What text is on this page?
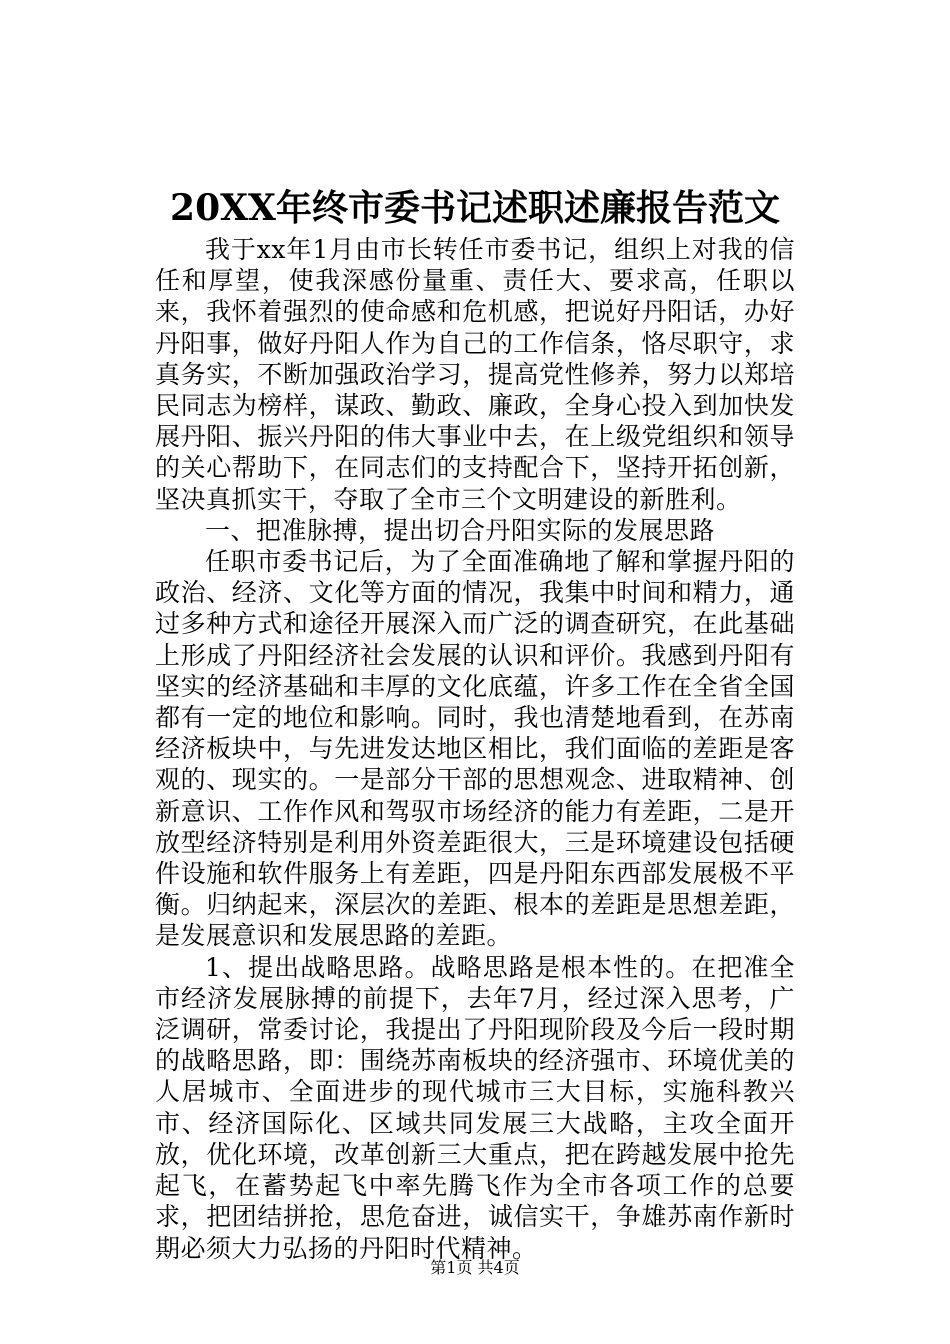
20XX年终市委书记述职述廉报告范文

我于xx年1月由市长转任市委书记，组织上对我的信任和厚望，使我深感份量重、责任大、要求高，任职以来，我怀着强烈的使命感和危机感，把说好丹阳话，办好丹阳事，做好丹阳人作为自己的工作信条，恪尽职守，求真务实，不断加强政治学习，提高党性修养，努力以郑培民同志为榜样，谋政、勤政、廉政，全身心投入到加快发展丹阳、振兴丹阳的伟大事业中去，在上级党组织和领导的关心帮助下，在同志们的支持配合下，坚持开拓创新，坚决真抓实干，夺取了全市三个文明建设的新胜利。

一、把准脉搏，提出切合丹阳实际的发展思路

任职市委书记后，为了全面准确地了解和掌握丹阳的政治、经济、文化等方面的情况，我集中时间和精力，通过多种方式和途径开展深入而广泛的调查研究，在此基础上形成了丹阳经济社会发展的认识和评价。我感到丹阳有坚实的经济基础和丰厚的文化底蕴，许多工作在全省全国都有一定的地位和影响。同时，我也清楚地看到，在苏南经济板块中，与先进发达地区相比，我们面临的差距是客观的、现实的。一是部分干部的思想观念、进取精神、创新意识、工作作风和驾驭市场经济的能力有差距，二是开放型经济特别是利用外资差距很大，三是环境建设包括硬件设施和软件服务上有差距，四是丹阳东西部发展极不平衡。归纳起来，深层次的差距、根本的差距是思想差距，是发展意识和发展思路的差距。

1、提出战略思路。战略思路是根本性的。在把准全市经济发展脉搏的前提下，去年7月，经过深入思考，广泛调研，常委讨论，我提出了丹阳现阶段及今后一段时期的战略思路，即：围绕苏南板块的经济强市、环境优美的人居城市、全面进步的现代城市三大目标，实施科教兴市、经济国际化、区域共同发展三大战略，主攻全面开放，优化环境，改革创新三大重点，把在跨越发展中抢先起飞，在蓄势起飞中率先腾飞作为全市各项工作的总要求，把团结拼抢，思危奋进，诚信实干，争雄苏南作新时期必须大力弘扬的丹阳时代精神。

第1页 共4页
